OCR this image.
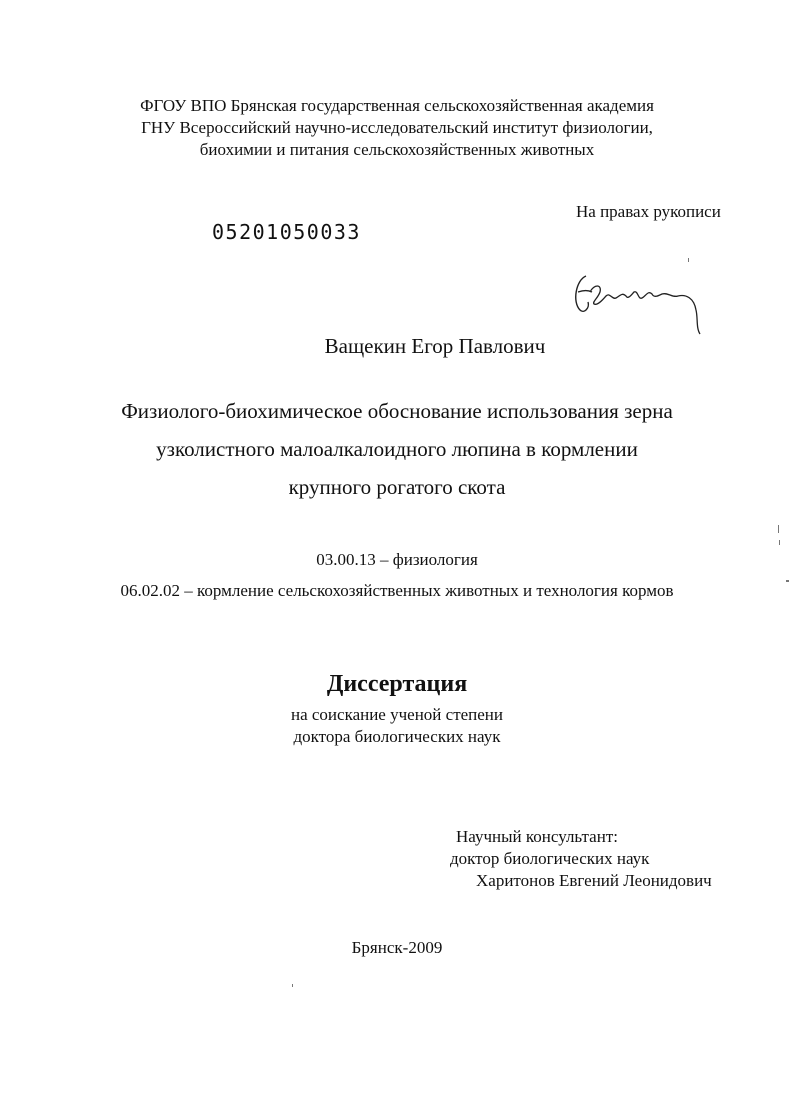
ФГОУ ВПО Брянская государственная сельскохозяйственная академия
ГНУ Всероссийский научно-исследовательский институт физиологии,
биохимии и питания сельскохозяйственных животных
На правах рукописи
05201050033
Ващекин Егор Павлович
Физиолого-биохимическое обоснование использования зерна
узколистного малоалкалоидного люпина в кормлении
крупного рогатого скота
03.00.13 – физиология
06.02.02 – кормление сельскохозяйственных животных и технология кормов
Диссертация
на соискание ученой степени
доктора биологических наук
Научный консультант:
доктор биологических наук
Харитонов Евгений Леонидович
Брянск-2009
